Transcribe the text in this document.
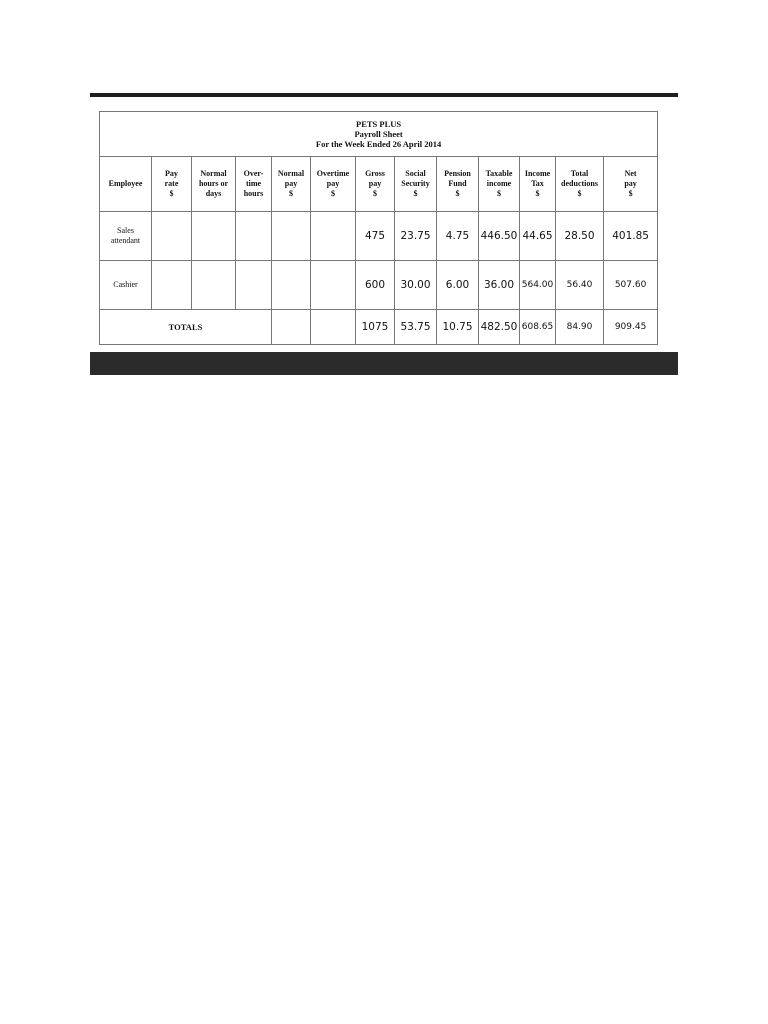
PETS PLUS
Payroll Sheet
For the Week Ended 26 April 2014												

Employee	Pay
rate
$	Normal
hours or
days	Over-
time
hours	Normal
pay
$	Overtime
pay
$	Gross
pay
$	Social
Security
$	Pension
Fund
$	Taxable
income
$	Income
Tax
$	Total
deductions
$	Net
pay
$

Sales
attendant						475	23.75	4.75	446.50	44.65	28.50	401.85
Cashier						600	30.00	6.00	36.00	564.00	56.40	507.60
TOTALS						1075	53.75	10.75	482.50	608.65	84.90	909.45
